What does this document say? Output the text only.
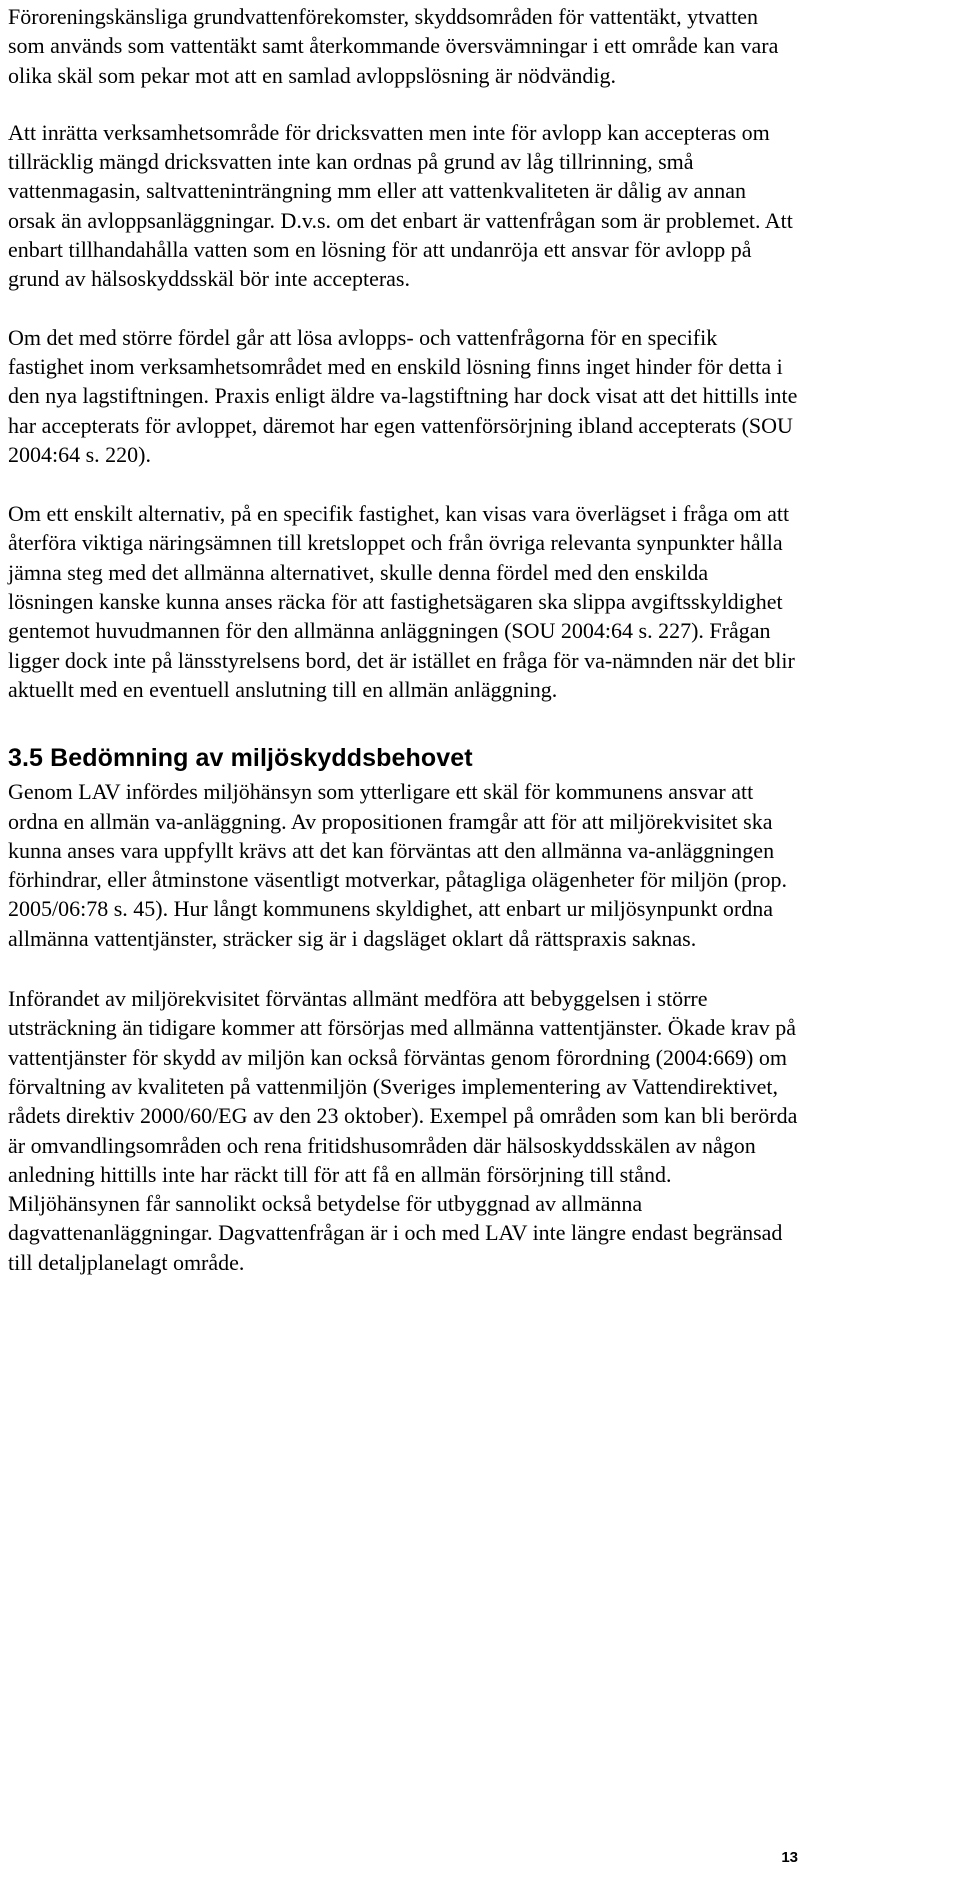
Föroreningskänsliga grundvattenförekomster, skyddsområden för vattentäkt, ytvatten som används som vattentäkt samt återkommande översvämningar i ett område kan vara olika skäl som pekar mot att en samlad avloppslösning är nödvändig.

Att inrätta verksamhetsområde för dricksvatten men inte för avlopp kan accepteras om tillräcklig mängd dricksvatten inte kan ordnas på grund av låg tillrinning, små vattenmagasin, saltvatteninträngning mm eller att vattenkvaliteten är dålig av annan orsak än avloppsanläggningar. D.v.s. om det enbart är vattenfrågan som är problemet. Att enbart tillhandahålla vatten som en lösning för att undanröja ett ansvar för avlopp på grund av hälsoskyddsskäl bör inte accepteras.

Om det med större fördel går att lösa avlopps- och vattenfrågorna för en specifik fastighet inom verksamhetsområdet med en enskild lösning finns inget hinder för detta i den nya lagstiftningen. Praxis enligt äldre va-lagstiftning har dock visat att det hittills inte har accepterats för avloppet, däremot har egen vattenförsörjning ibland accepterats (SOU 2004:64 s. 220).

Om ett enskilt alternativ, på en specifik fastighet, kan visas vara överlägset i fråga om att återföra viktiga näringsämnen till kretsloppet och från övriga relevanta synpunkter hålla jämna steg med det allmänna alternativet, skulle denna fördel med den enskilda lösningen kanske kunna anses räcka för att fastighetsägaren ska slippa avgiftsskyldighet gentemot huvudmannen för den allmänna anläggningen (SOU 2004:64 s. 227). Frågan ligger dock inte på länsstyrelsens bord, det är istället en fråga för va-nämnden när det blir aktuellt med en eventuell anslutning till en allmän anläggning.

3.5 Bedömning av miljöskyddsbehovet

Genom LAV infördes miljöhänsyn som ytterligare ett skäl för kommunens ansvar att ordna en allmän va-anläggning. Av propositionen framgår att för att miljörekvisitet ska kunna anses vara uppfyllt krävs att det kan förväntas att den allmänna va-anläggningen förhindrar, eller åtminstone väsentligt motverkar, påtagliga olägenheter för miljön (prop. 2005/06:78 s. 45). Hur långt kommunens skyldighet, att enbart ur miljösynpunkt ordna allmänna vattentjänster, sträcker sig är i dagsläget oklart då rättspraxis saknas.

Införandet av miljörekvisitet förväntas allmänt medföra att bebyggelsen i större utsträckning än tidigare kommer att försörjas med allmänna vattentjänster. Ökade krav på vattentjänster för skydd av miljön kan också förväntas genom förordning (2004:669) om förvaltning av kvaliteten på vattenmiljön (Sveriges implementering av Vattendirektivet, rådets direktiv 2000/60/EG av den 23 oktober). Exempel på områden som kan bli berörda är omvandlingsområden och rena fritidshusområden där hälsoskyddsskälen av någon anledning hittills inte har räckt till för att få en allmän försörjning till stånd. Miljöhänsynen får sannolikt också betydelse för utbyggnad av allmänna dagvattenanläggningar. Dagvattenfrågan är i och med LAV inte längre endast begränsad till detaljplanelagt område.

13
